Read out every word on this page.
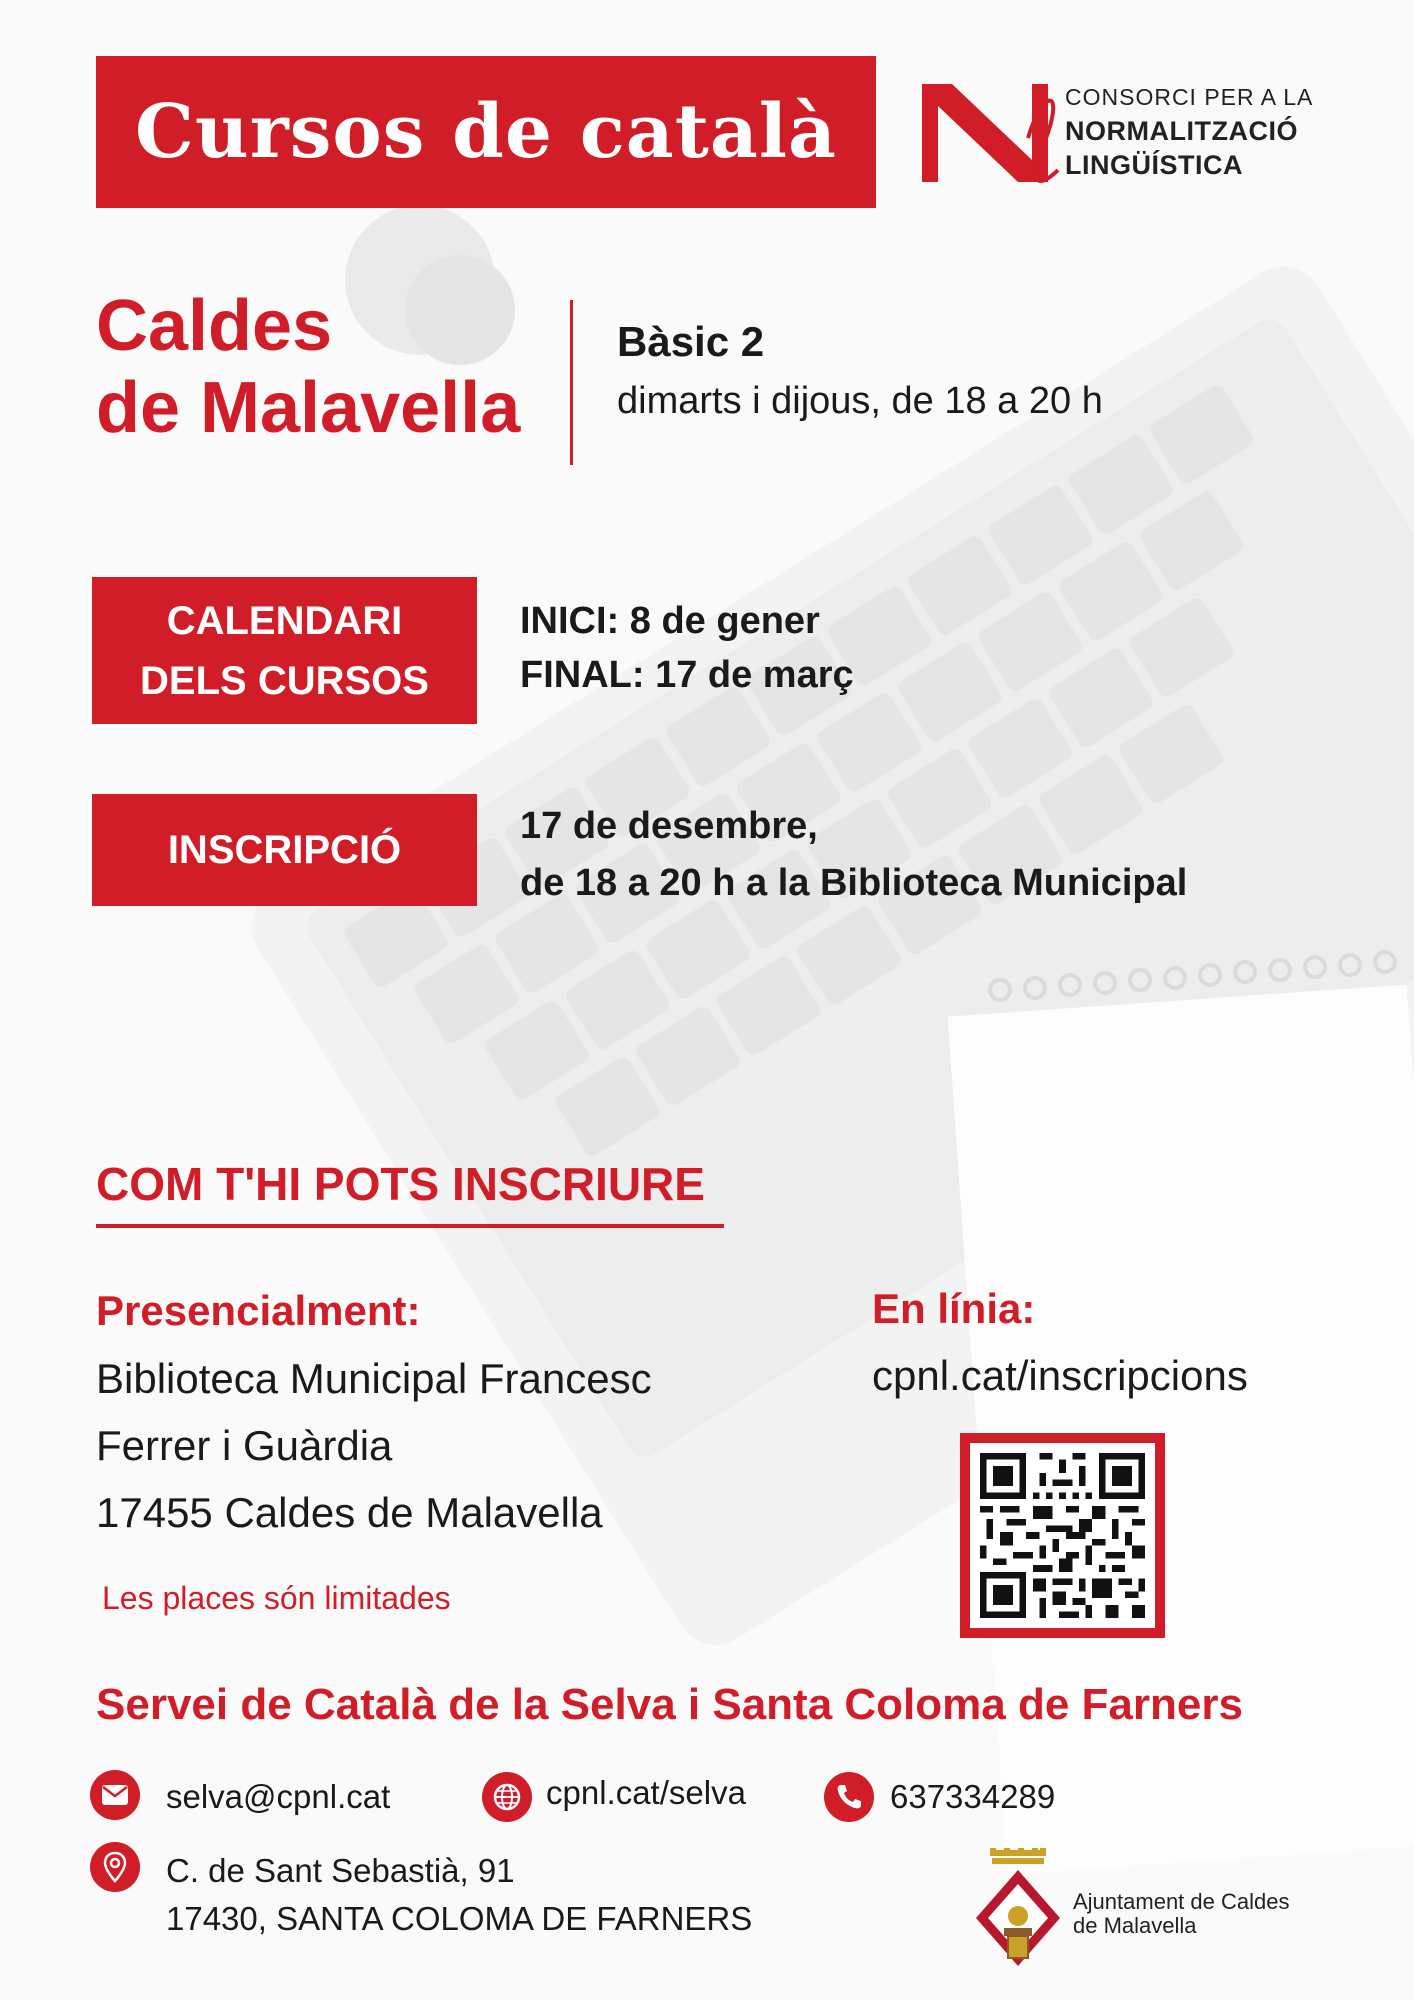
Cursos de català	CONSORCI PER A LA
NORMALITZACIÓ
LINGÜÍSTICA
Caldes
de Malavella
Bàsic 2
dimarts i dijous, de 18 a 20 h
CALENDARI
DELS CURSOS
INICI: 8 de gener
FINAL: 17 de març
INSCRIPCIÓ
17 de desembre,
de 18 a 20 h a la Biblioteca Municipal
COM T'HI POTS INSCRIURE
Presencialment:
Biblioteca Municipal Francesc
Ferrer i Guàrdia
17455 Caldes de Malavella
Les places són limitades
En línia:
cpnl.cat/inscripcions
Servei de Català de la Selva i Santa Coloma de Farners
selva@cpnl.cat	cpnl.cat/selva	637334289
C. de Sant Sebastià, 91
17430, SANTA COLOMA DE FARNERS	Ajuntament de Caldes
de Malavella
